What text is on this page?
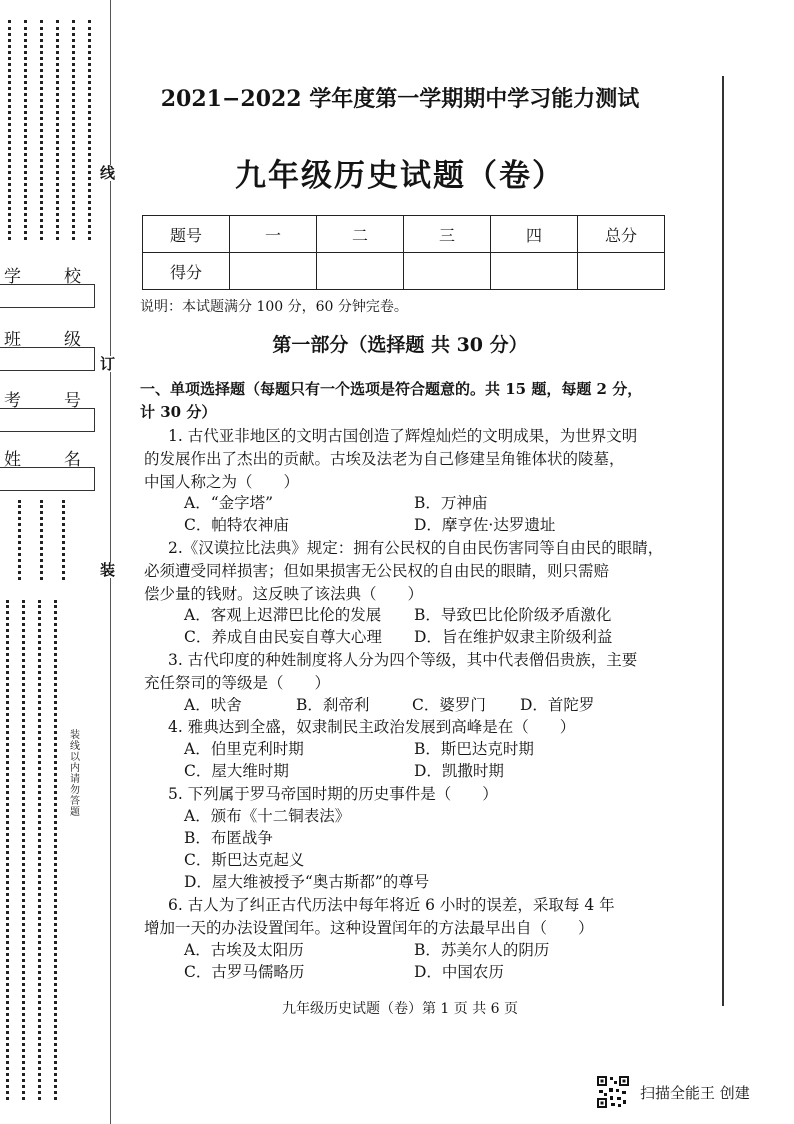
学	校
班	级
考	号
姓	名
装线以内请勿答题
线
订
装
2021−2022 学年度第一学期期中学习能力测试
九年级历史试题（卷）
题号	一	二	三	四	总分
得分					
说明：本试题满分 100 分，60 分钟完卷。
第一部分（选择题 共 30 分）
一、单项选择题（每题只有一个选项是符合题意的。共 15 题，每题 2 分，
计 30 分）
1. 古代亚非地区的文明古国创造了辉煌灿烂的文明成果，为世界文明
的发展作出了杰出的贡献。古埃及法老为自己修建呈角锥体状的陵墓，
中国人称之为（　　）
A．“金字塔”	B．万神庙
C．帕特农神庙	D．摩亨佐·达罗遗址
2.《汉谟拉比法典》规定：拥有公民权的自由民伤害同等自由民的眼睛，
必须遭受同样损害；但如果损害无公民权的自由民的眼睛，则只需赔
偿少量的钱财。这反映了该法典（　　）
A．客观上迟滞巴比伦的发展 B．导致巴比伦阶级矛盾激化
C．养成自由民妄自尊大心理 D．旨在维护奴隶主阶级利益
3. 古代印度的种姓制度将人分为四个等级，其中代表僧侣贵族，主要
充任祭司的等级是（　　）
A．吠舍	B．刹帝利	C．婆罗门 D．首陀罗
4. 雅典达到全盛，奴隶制民主政治发展到高峰是在（　　）
A．伯里克利时期	B．斯巴达克时期
C．屋大维时期	D．凯撒时期
5. 下列属于罗马帝国时期的历史事件是（　　）
A．颁布《十二铜表法》
B．布匿战争
C．斯巴达克起义
D．屋大维被授予“奥古斯都”的尊号
6. 古人为了纠正古代历法中每年将近 6 小时的误差，采取每 4 年
增加一天的办法设置闰年。这种设置闰年的方法最早出自（　　）
A．古埃及太阳历	B．苏美尔人的阴历
C．古罗马儒略历	D．中国农历
九年级历史试题（卷）第 1 页 共 6 页
扫描全能王 创建
